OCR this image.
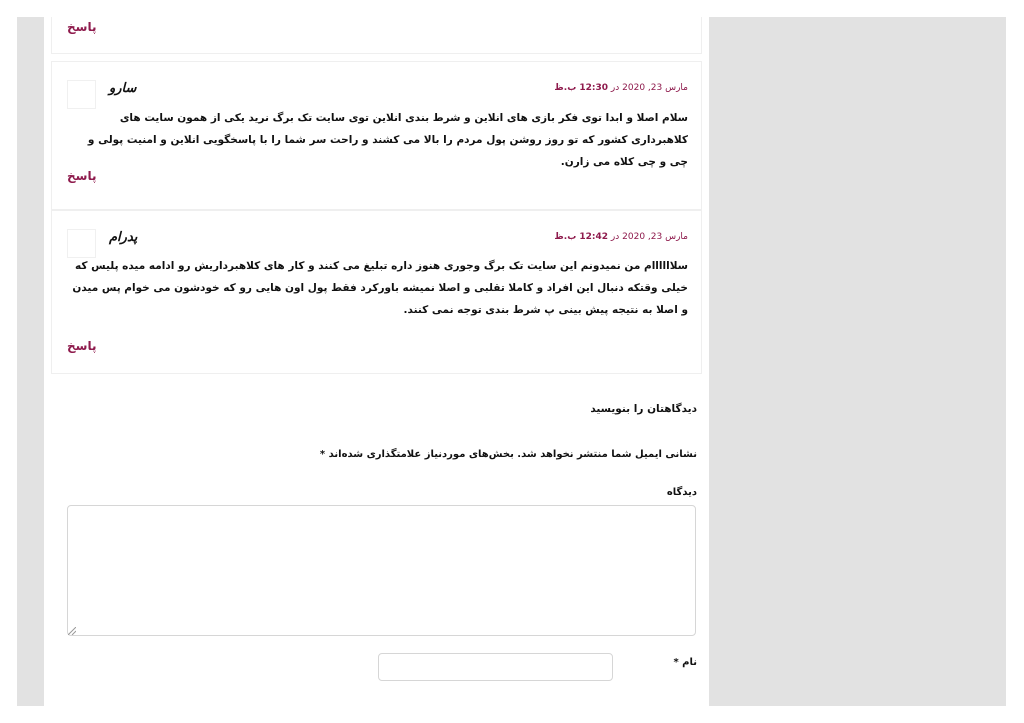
پاسخ
سارو	مارس 23, 2020 در 12:30 ب.ظ
سلام اصلا و ابدا توی فکر بازی های انلاین و شرط بندی انلاین توی سایت تک برگ نرید یکی از همون سایت های کلاهبرداری کشور که تو روز روشن پول مردم را بالا می کشند و راحت سر شما را با پاسخگویی انلاین و امنیت پولی و چی و چی کلاه می زارن.
پاسخ
پدرام	مارس 23, 2020 در 12:42 ب.ظ
سلاااااام من نمیدونم این سایت تک برگ وجوری هنوز داره تبلیغ می کنند و کار های کلاهبرداریش رو ادامه میده پلیس که خیلی وقتکه دنبال این افراد و کاملا تقلبی و اصلا نمیشه باورکرد فقط پول اون هایی رو که خودشون می خوام پس میدن و اصلا به نتیجه پیش بینی پ شرط بندی توجه نمی کنند.
پاسخ
دیدگاهتان را بنویسید
نشانی ایمیل شما منتشر نخواهد شد. بخش‌های موردنیاز علامتگذاری شده‌اند *
دیدگاه
نام *
